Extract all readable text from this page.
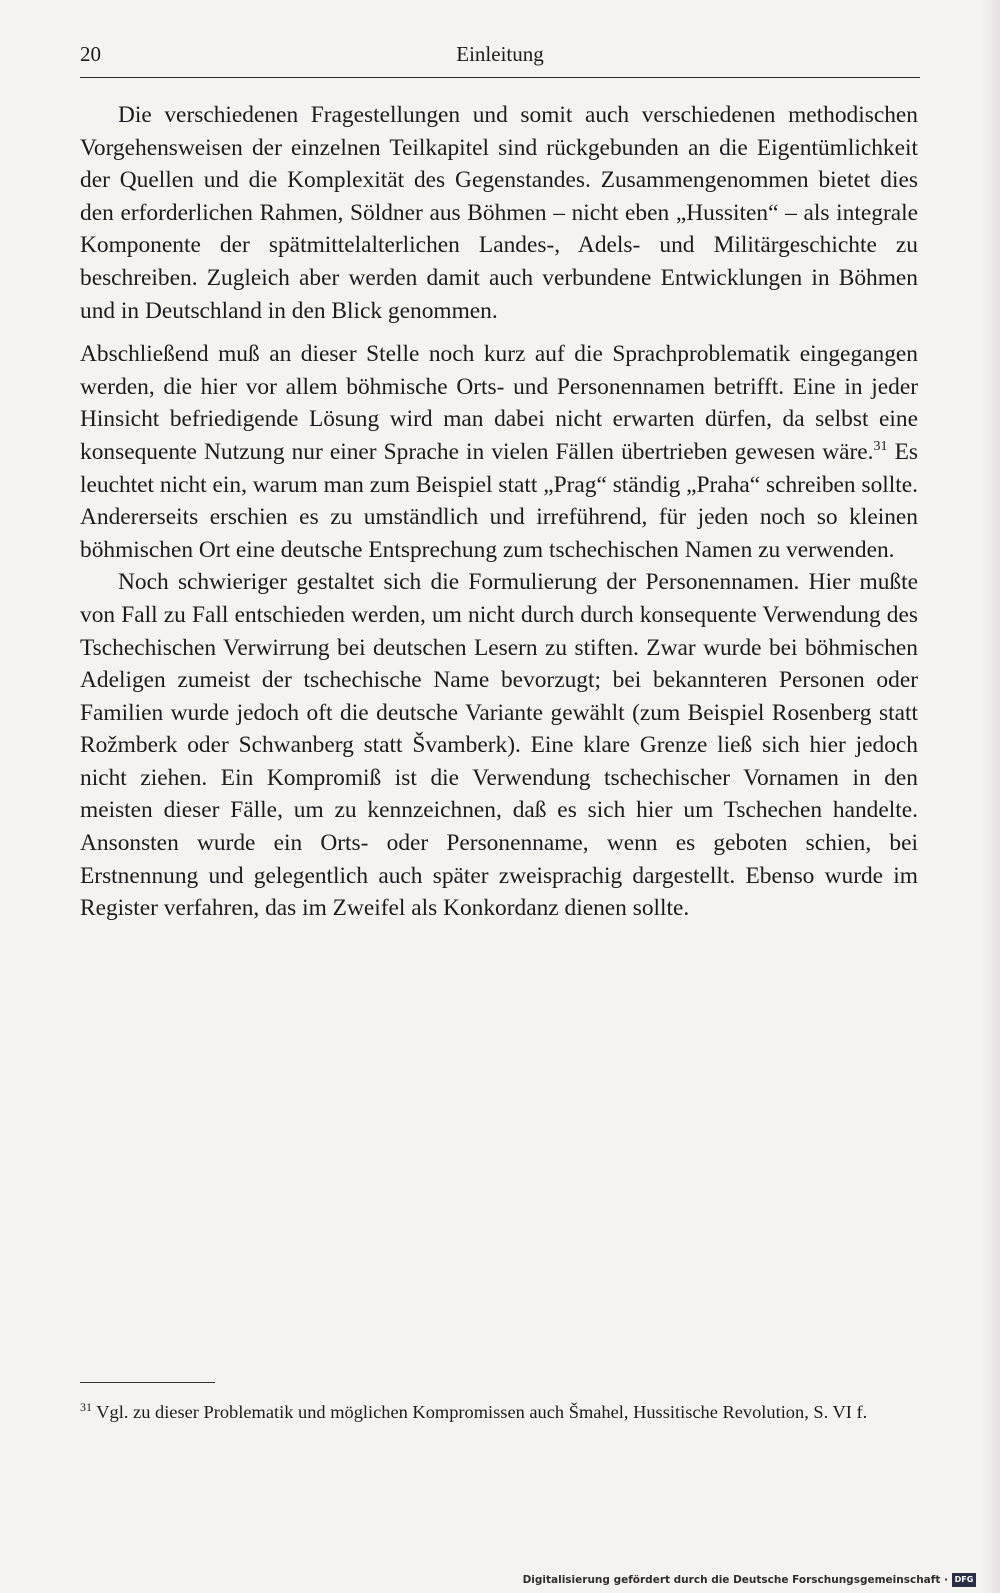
20	Einleitung

Die verschiedenen Fragestellungen und somit auch verschiedenen methodischen Vorgehensweisen der einzelnen Teilkapitel sind rückgebunden an die Eigentümlichkeit der Quellen und die Komplexität des Gegenstandes. Zusammengenommen bietet dies den erforderlichen Rahmen, Söldner aus Böhmen – nicht eben „Hussiten“ – als integrale Komponente der spätmittelalterlichen Landes-, Adels- und Militärgeschichte zu beschreiben. Zugleich aber werden damit auch verbundene Entwicklungen in Böhmen und in Deutschland in den Blick genommen.

Abschließend muß an dieser Stelle noch kurz auf die Sprachproblematik eingegangen werden, die hier vor allem böhmische Orts- und Personennamen betrifft. Eine in jeder Hinsicht befriedigende Lösung wird man dabei nicht erwarten dürfen, da selbst eine konsequente Nutzung nur einer Sprache in vielen Fällen übertrieben gewesen wäre.$^{31}$ Es leuchtet nicht ein, warum man zum Beispiel statt „Prag“ ständig „Praha“ schreiben sollte. Andererseits erschien es zu umständlich und irreführend, für jeden noch so kleinen böhmischen Ort eine deutsche Entsprechung zum tschechischen Namen zu verwenden.

Noch schwieriger gestaltet sich die Formulierung der Personennamen. Hier mußte von Fall zu Fall entschieden werden, um nicht durch durch konsequente Verwendung des Tschechischen Verwirrung bei deutschen Lesern zu stiften. Zwar wurde bei böhmischen Adeligen zumeist der tschechische Name bevorzugt; bei bekannteren Personen oder Familien wurde jedoch oft die deutsche Variante gewählt (zum Beispiel Rosenberg statt Rožmberk oder Schwanberg statt Švamberk). Eine klare Grenze ließ sich hier jedoch nicht ziehen. Ein Kompromiß ist die Verwendung tschechischer Vornamen in den meisten dieser Fälle, um zu kennzeichnen, daß es sich hier um Tschechen handelte. Ansonsten wurde ein Orts- oder Personenname, wenn es geboten schien, bei Erstnennung und gelegentlich auch später zweisprachig dargestellt. Ebenso wurde im Register verfahren, das im Zweifel als Konkordanz dienen sollte.

$^{31}$ Vgl. zu dieser Problematik und möglichen Kompromissen auch Šmahel, Hussitische Revolution, S. VI f.
Digitalisierung gefördert durch die Deutsche Forschungsgemeinschaft · DFG
